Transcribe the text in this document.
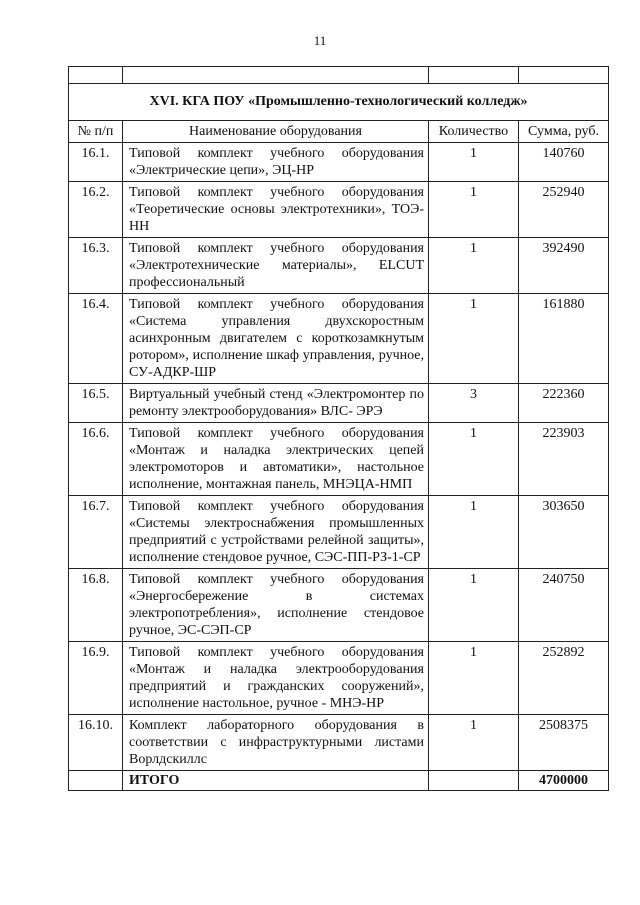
11

XVI. КГА ПОУ «Промышленно-технологический колледж»			
№ п/п	Наименование оборудования	Количество	Сумма, руб.
16.1.	Типовой комплект учебного оборудования «Электрические цепи», ЭЦ-НР	1	140760
16.2.	Типовой комплект учебного оборудования «Теоретические основы электротехники», ТОЭ-НН	1	252940
16.3.	Типовой комплект учебного оборудования «Электротехнические материалы», ELCUT профессиональный	1	392490
16.4.	Типовой комплект учебного оборудования «Система управления двухскоростным асинхронным двигателем с короткозамкнутым ротором», исполнение шкаф управления, ручное, СУ-АДКР-ШР	1	161880
16.5.	Виртуальный учебный стенд «Электромонтер по ремонту электрооборудования» ВЛС- ЭРЭ	3	222360
16.6.	Типовой комплект учебного оборудования «Монтаж и наладка электрических цепей электромоторов и автоматики», настольное исполнение, монтажная панель, МНЭЦА-НМП	1	223903
16.7.	Типовой комплект учебного оборудования «Системы электроснабжения промышленных предприятий с устройствами релейной защиты», исполнение стендовое ручное, СЭС-ПП-РЗ-1-СР	1	303650
16.8.	Типовой комплект учебного оборудования «Энергосбережение в системах электропотребления», исполнение стендовое ручное, ЭС-СЭП-СР	1	240750
16.9.	Типовой комплект учебного оборудования «Монтаж и наладка электрооборудования предприятий и гражданских сооружений», исполнение настольное, ручное - МНЭ-НР	1	252892
16.10.	Комплект лабораторного оборудования в соответствии с инфраструктурными листами Ворлдскиллс	1	2508375
	ИТОГО		4700000
